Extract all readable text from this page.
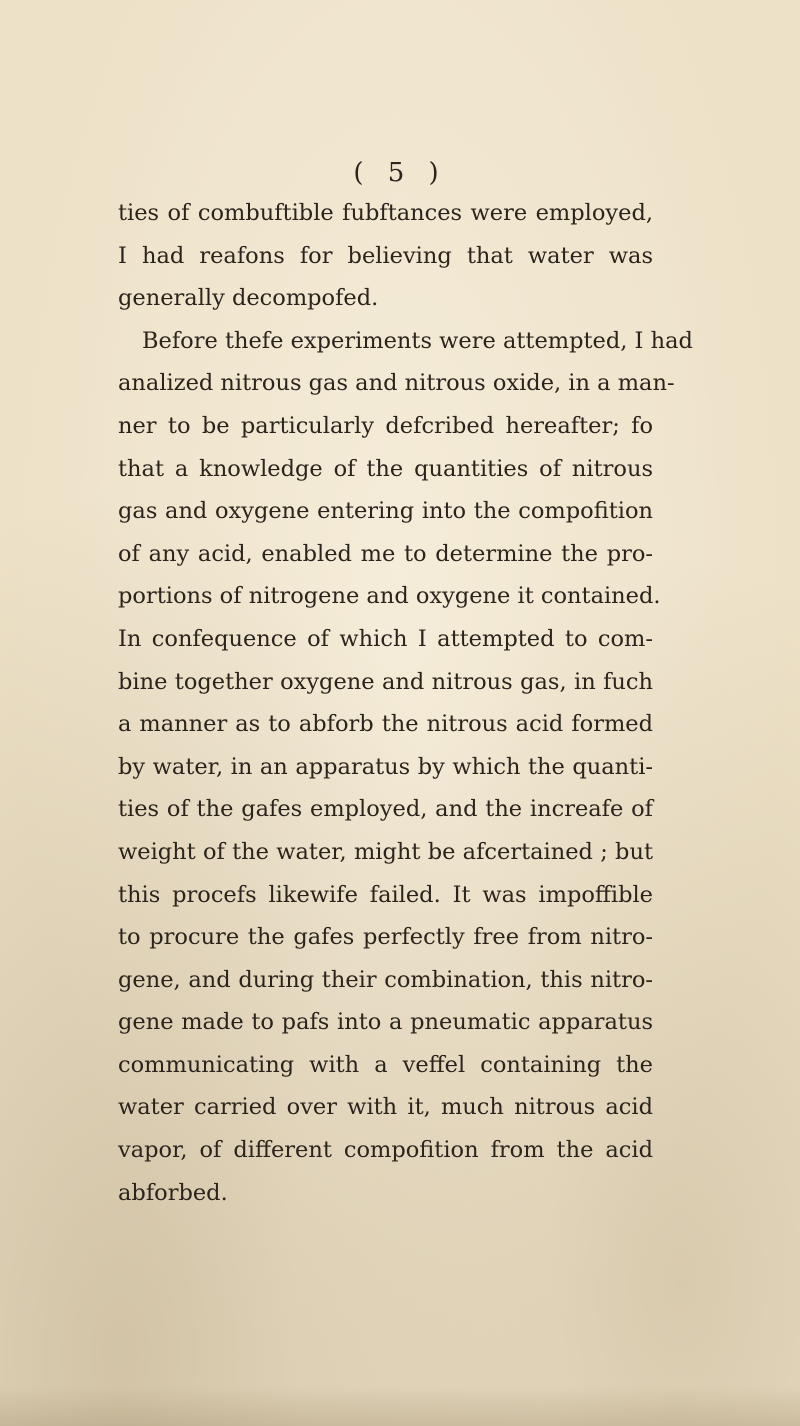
( 5 )
ties of combuftible fubftances were employed,
I had reafons for believing that water was
generally decompofed.
Before thefe experiments were attempted, I had
analized nitrous gas and nitrous oxide, in a man-
ner to be particularly defcribed hereafter; fo
that a knowledge of the quantities of nitrous
gas and oxygene entering into the compofition
of any acid, enabled me to determine the pro-
portions of nitrogene and oxygene it contained.
In confequence of which I attempted to com-
bine together oxygene and nitrous gas, in fuch
a manner as to abforb the nitrous acid formed
by water, in an apparatus by which the quanti-
ties of the gafes employed, and the increafe of
weight of the water, might be afcertained ; but
this procefs likewife failed. It was impoffible
to procure the gafes perfectly free from nitro-
gene, and during their combination, this nitro-
gene made to pafs into a pneumatic apparatus
communicating with a veffel containing the
water carried over with it, much nitrous acid
vapor, of different compofition from the acid
abforbed.
